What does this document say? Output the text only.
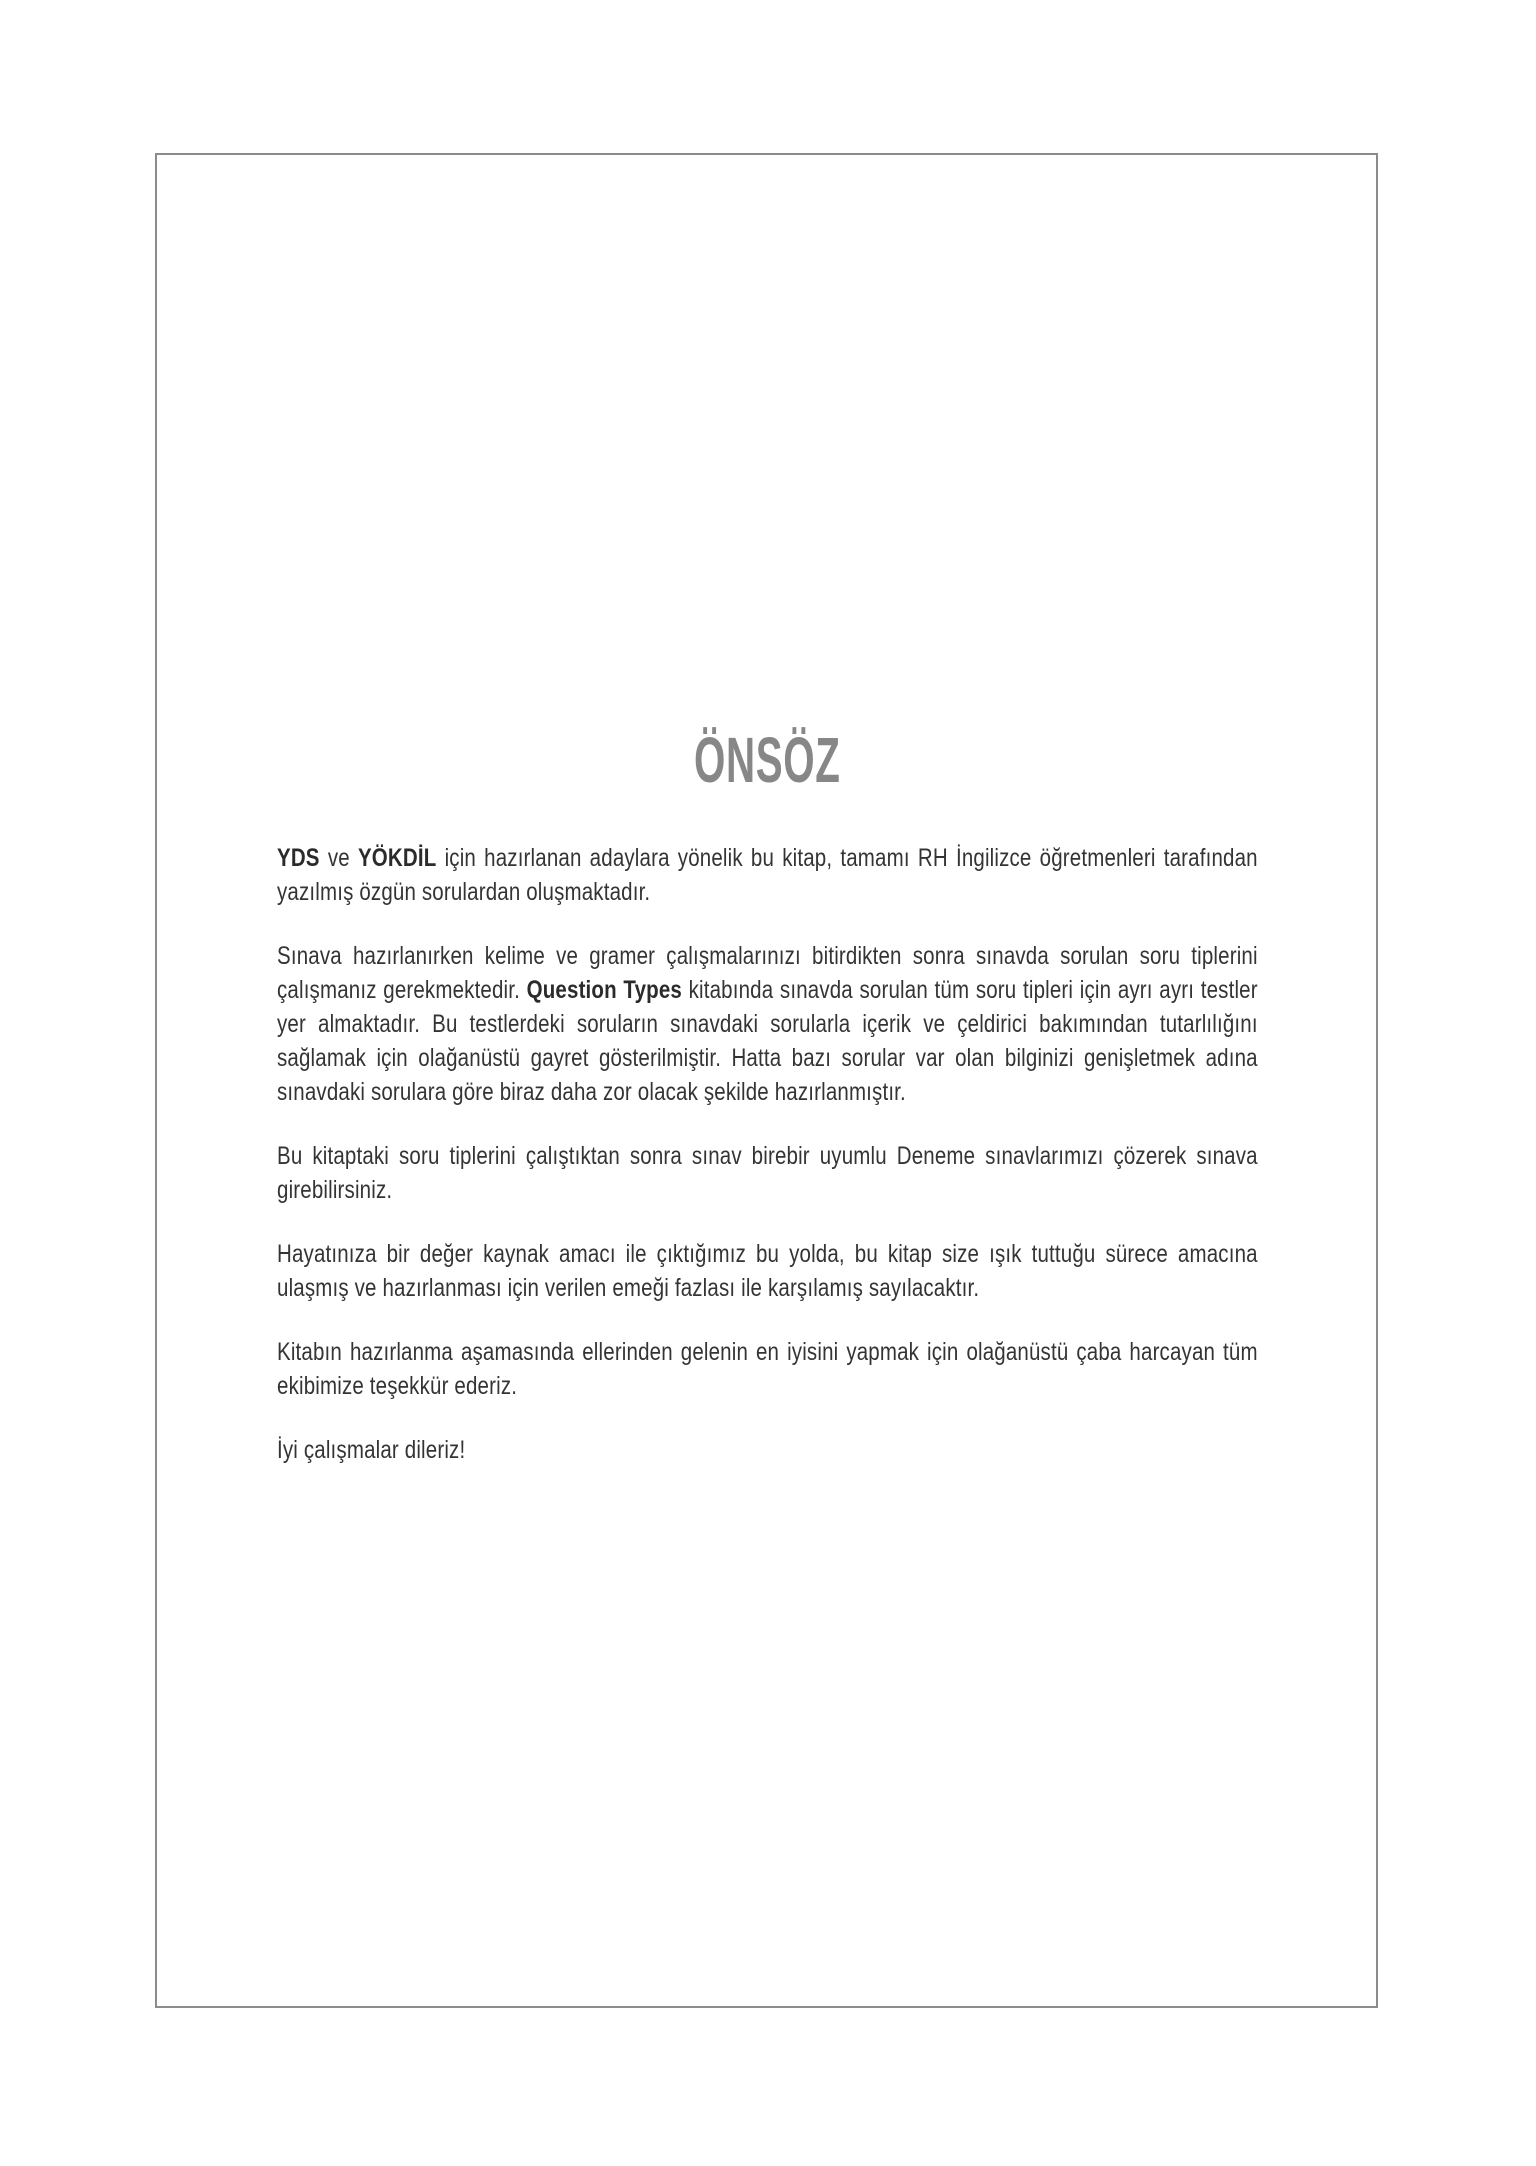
ÖNSÖZ

YDS ve YÖKDİL için hazırlanan adaylara yönelik bu kitap, tamamı RH İngilizce öğretmenleri tarafından yazılmış özgün sorulardan oluşmaktadır.

Sınava hazırlanırken kelime ve gramer çalışmalarınızı bitirdikten sonra sınavda sorulan soru tiplerini çalışmanız gerekmektedir. Question Types kitabında sınavda sorulan tüm soru tipleri için ayrı ayrı testler yer almaktadır. Bu testlerdeki soruların sınavdaki sorularla içerik ve çeldirici bakımından tutarlılığını sağlamak için olağanüstü gayret gösterilmiştir. Hatta bazı sorular var olan bilginizi genişletmek adına sınavdaki sorulara göre biraz daha zor olacak şekilde hazırlanmıştır.

Bu kitaptaki soru tiplerini çalıştıktan sonra sınav birebir uyumlu Deneme sınavlarımızı çözerek sınava girebilirsiniz.

Hayatınıza bir değer kaynak amacı ile çıktığımız bu yolda, bu kitap size ışık tuttuğu sürece amacına ulaşmış ve hazırlanması için verilen emeği fazlası ile karşılamış sayılacaktır.

Kitabın hazırlanma aşamasında ellerinden gelenin en iyisini yapmak için olağanüstü çaba harcayan tüm ekibimize teşekkür ederiz.

İyi çalışmalar dileriz!
